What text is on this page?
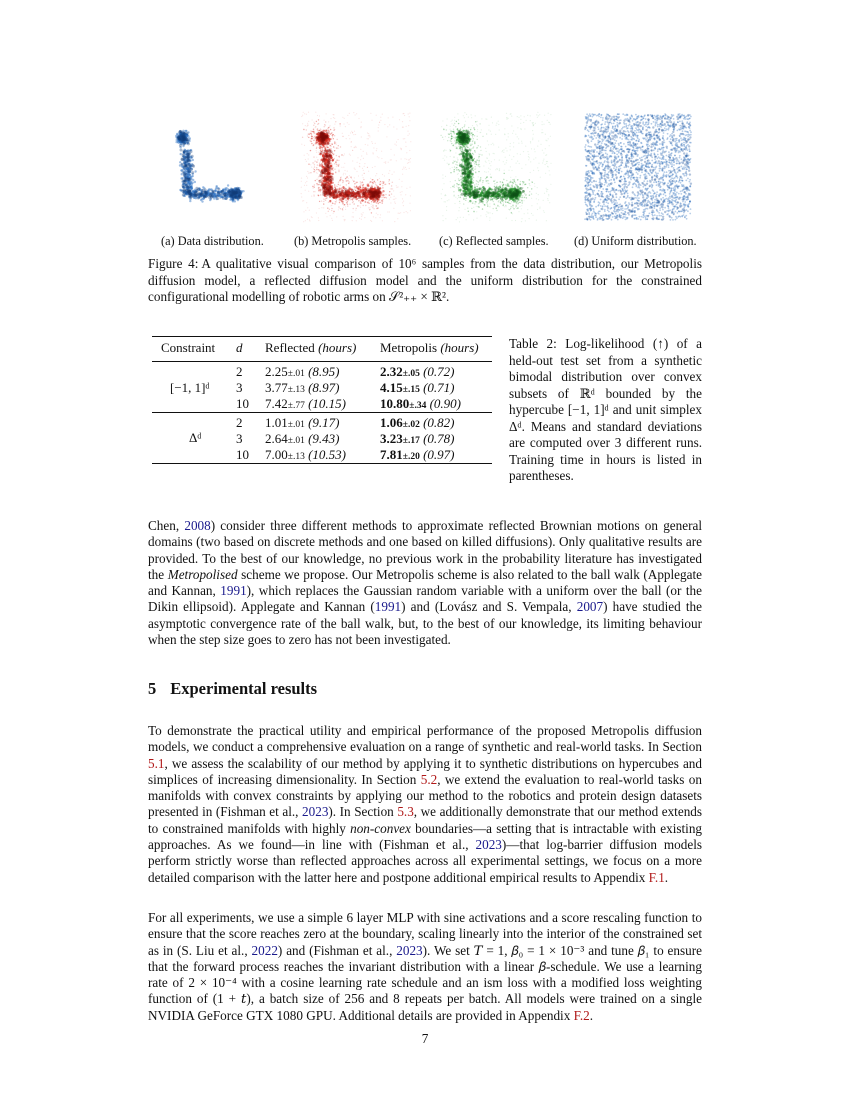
(a) Data distribution. (b) Metropolis samples. (c) Reflected samples. (d) Uniform distribution.
Figure 4: A qualitative visual comparison of 10⁶ samples from the data distribution, our Metropolis diffusion model, a reflected diffusion model and the uniform distribution for the constrained configurational modelling of robotic arms on 𝒮²₊₊ × ℝ².
Constraint d Reflected (hours) Metropolis (hours)
[−1, 1]ᵈ
2 2.25±.01 (8.95)	2.32±.05 (0.72)
3 3.77±.13 (8.97)	4.15±.15 (0.71)
10 7.42±.77 (10.15)	10.80±.34 (0.90)
Δᵈ
2 1.01±.01 (9.17)	1.06±.02 (0.82)
3 2.64±.01 (9.43)	3.23±.17 (0.78)
10 7.00±.13 (10.53)	7.81±.20 (0.97)
Table 2: Log-likelihood (↑) of a held-out test set from a synthetic bimodal distribution over convex subsets of ℝᵈ bounded by the hypercube [−1, 1]ᵈ and unit simplex Δᵈ. Means and standard deviations are computed over 3 different runs. Training time in hours is listed in parentheses.
Chen, 2008) consider three different methods to approximate reflected Brownian motions on general domains (two based on discrete methods and one based on killed diffusions). Only qualitative results are provided. To the best of our knowledge, no previous work in the probability literature has investigated the Metropolised scheme we propose. Our Metropolis scheme is also related to the ball walk (Applegate and Kannan, 1991), which replaces the Gaussian random variable with a uniform over the ball (or the Dikin ellipsoid). Applegate and Kannan (1991) and (Lovász and S. Vempala, 2007) have studied the asymptotic convergence rate of the ball walk, but, to the best of our knowledge, its limiting behaviour when the step size goes to zero has not been investigated.
5 Experimental results
To demonstrate the practical utility and empirical performance of the proposed Metropolis diffusion models, we conduct a comprehensive evaluation on a range of synthetic and real-world tasks. In Section 5.1, we assess the scalability of our method by applying it to synthetic distributions on hypercubes and simplices of increasing dimensionality. In Section 5.2, we extend the evaluation to real-world tasks on manifolds with convex constraints by applying our method to the robotics and protein design datasets presented in (Fishman et al., 2023). In Section 5.3, we additionally demonstrate that our method extends to constrained manifolds with highly non-convex boundaries—a setting that is intractable with existing approaches. As we found—in line with (Fishman et al., 2023)—that log-barrier diffusion models perform strictly worse than reflected approaches across all experimental settings, we focus on a more detailed comparison with the latter here and postpone additional empirical results to Appendix F.1.
For all experiments, we use a simple 6 layer MLP with sine activations and a score rescaling function to ensure that the score reaches zero at the boundary, scaling linearly into the interior of the constrained set as in (S. Liu et al., 2022) and (Fishman et al., 2023). We set 𝑇 = 1, 𝛽₀ = 1 × 10⁻³ and tune 𝛽₁ to ensure that the forward process reaches the invariant distribution with a linear 𝛽-schedule. We use a learning rate of 2 × 10⁻⁴ with a cosine learning rate schedule and an ism loss with a modified loss weighting function of (1 + 𝑡), a batch size of 256 and 8 repeats per batch. All models were trained on a single NVIDIA GeForce GTX 1080 GPU. Additional details are provided in Appendix F.2.
7
